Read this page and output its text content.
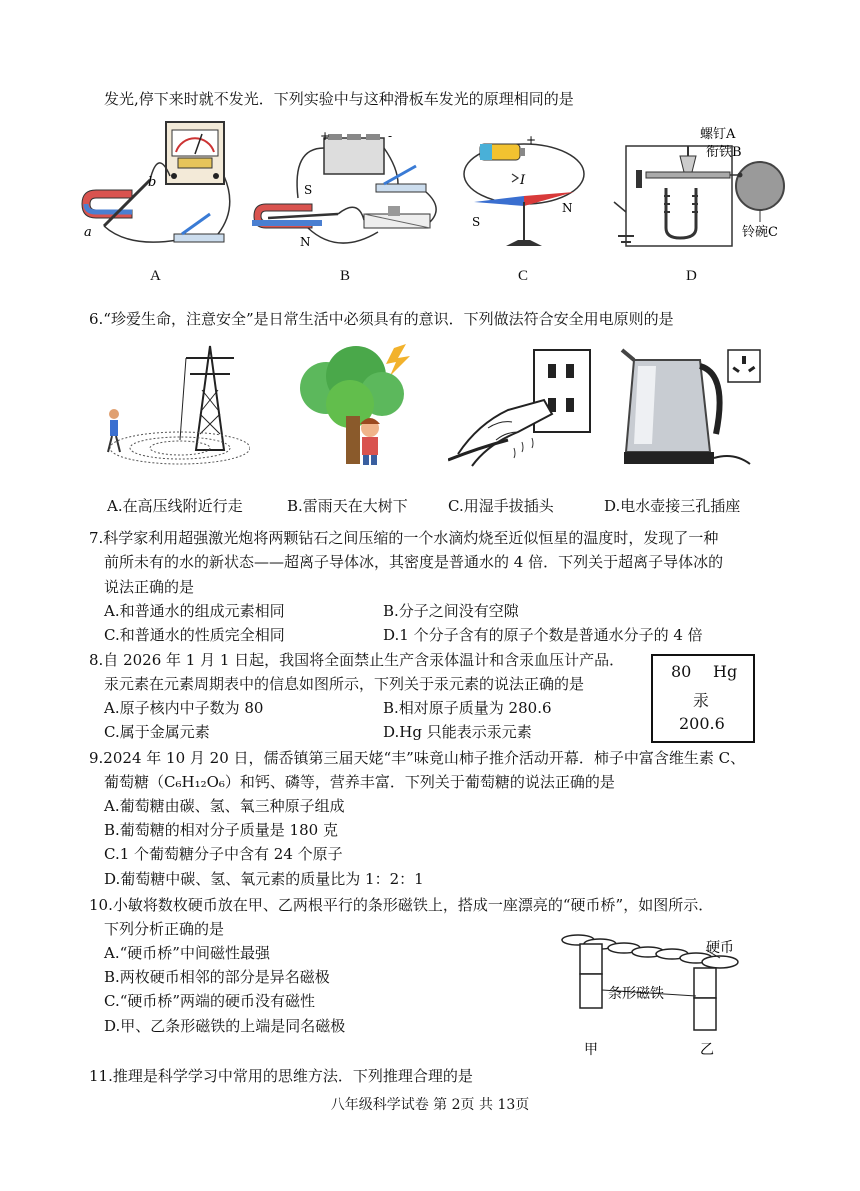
发光,停下来时就不发光．下列实验中与这种滑板车发光的原理相同的是
b
a
+	-
S
N
+
I
S
N
螺钉A
衔铁B
铃碗C
A	B	C	D
6.“珍爱生命，注意安全”是日常生活中必须具有的意识．下列做法符合安全用电原则的是
A.在高压线附近行走	B.雷雨天在大树下	C.用湿手拔插头	D.电水壶接三孔插座
7.科学家利用超强激光炮将两颗钻石之间压缩的一个水滴灼烧至近似恒星的温度时，发现了一种
前所未有的水的新状态——超离子导体冰，其密度是普通水的 4 倍．下列关于超离子导体冰的
说法正确的是
A.和普通水的组成元素相同	B.分子之间没有空隙
C.和普通水的性质完全相同	D.1 个分子含有的原子个数是普通水分子的 4 倍
8.自 2026 年 1 月 1 日起，我国将全面禁止生产含汞体温计和含汞血压计产品．
汞元素在元素周期表中的信息如图所示，下列关于汞元素的说法正确的是
A.原子核内中子数为 80	B.相对原子质量为 280.6
C.属于金属元素	D.Hg 只能表示汞元素
80 Hg
汞
200.6
9.2024 年 10 月 20 日，儒岙镇第三届天姥“丰”味竟山柿子推介活动开幕．柿子中富含维生素 C、
葡萄糖（C₆H₁₂O₆）和钙、磷等，营养丰富．下列关于葡萄糖的说法正确的是
A.葡萄糖由碳、氢、氧三种原子组成
B.葡萄糖的相对分子质量是 180 克
C.1 个葡萄糖分子中含有 24 个原子
D.葡萄糖中碳、氢、氧元素的质量比为 1：2：1
10.小敏将数枚硬币放在甲、乙两根平行的条形磁铁上，搭成一座漂亮的“硬币桥”，如图所示．
下列分析正确的是
A.“硬币桥”中间磁性最强
B.两枚硬币相邻的部分是异名磁极
C.“硬币桥”两端的硬币没有磁性
D.甲、乙条形磁铁的上端是同名磁极
硬币
条形磁铁
甲	乙
11.推理是科学学习中常用的思维方法．下列推理合理的是
八年级科学试卷 第 2页 共 13页
